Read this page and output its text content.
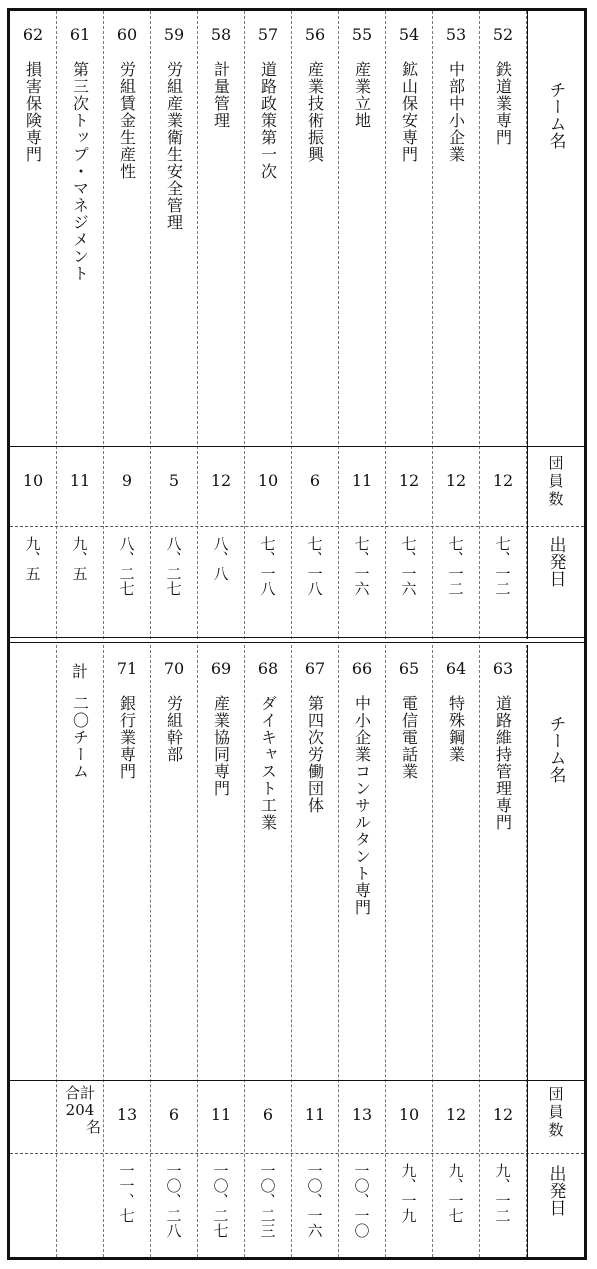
52
鉄道業専門
12
七、一二
53
中部中小企業
12
七、一二
54
鉱山保安専門
12
七、一六
55
産業立地
11
七、一六
56
産業技術振興
6
七、一八
57
道路政策第一次
10
七、一八
58
計量管理
12
八、八
59
労組産業衛生安全管理
5
八、二七
60
労組賃金生産性
9
八、二七
61
第三次トップ・マネジメント
11
九、五
62
損害保険専門
10
九、五
チーム名
団員数
出発日
63
道路維持管理専門
12
九、一二
64
特殊鋼業
12
九、一七
65
電信電話業
10
九、一九
66
中小企業コンサルタント専門
13
一〇、一〇
67
第四次労働団体
11
一〇、一六
68
ダイキャスト工業
6
一〇、二三
69
産業協同専門
11
一〇、二七
70
労組幹部
6
一〇、二八
71
銀行業専門
13
一一、七
計
二〇チーム	チーム名
団員数
出発日
合計
204
名
